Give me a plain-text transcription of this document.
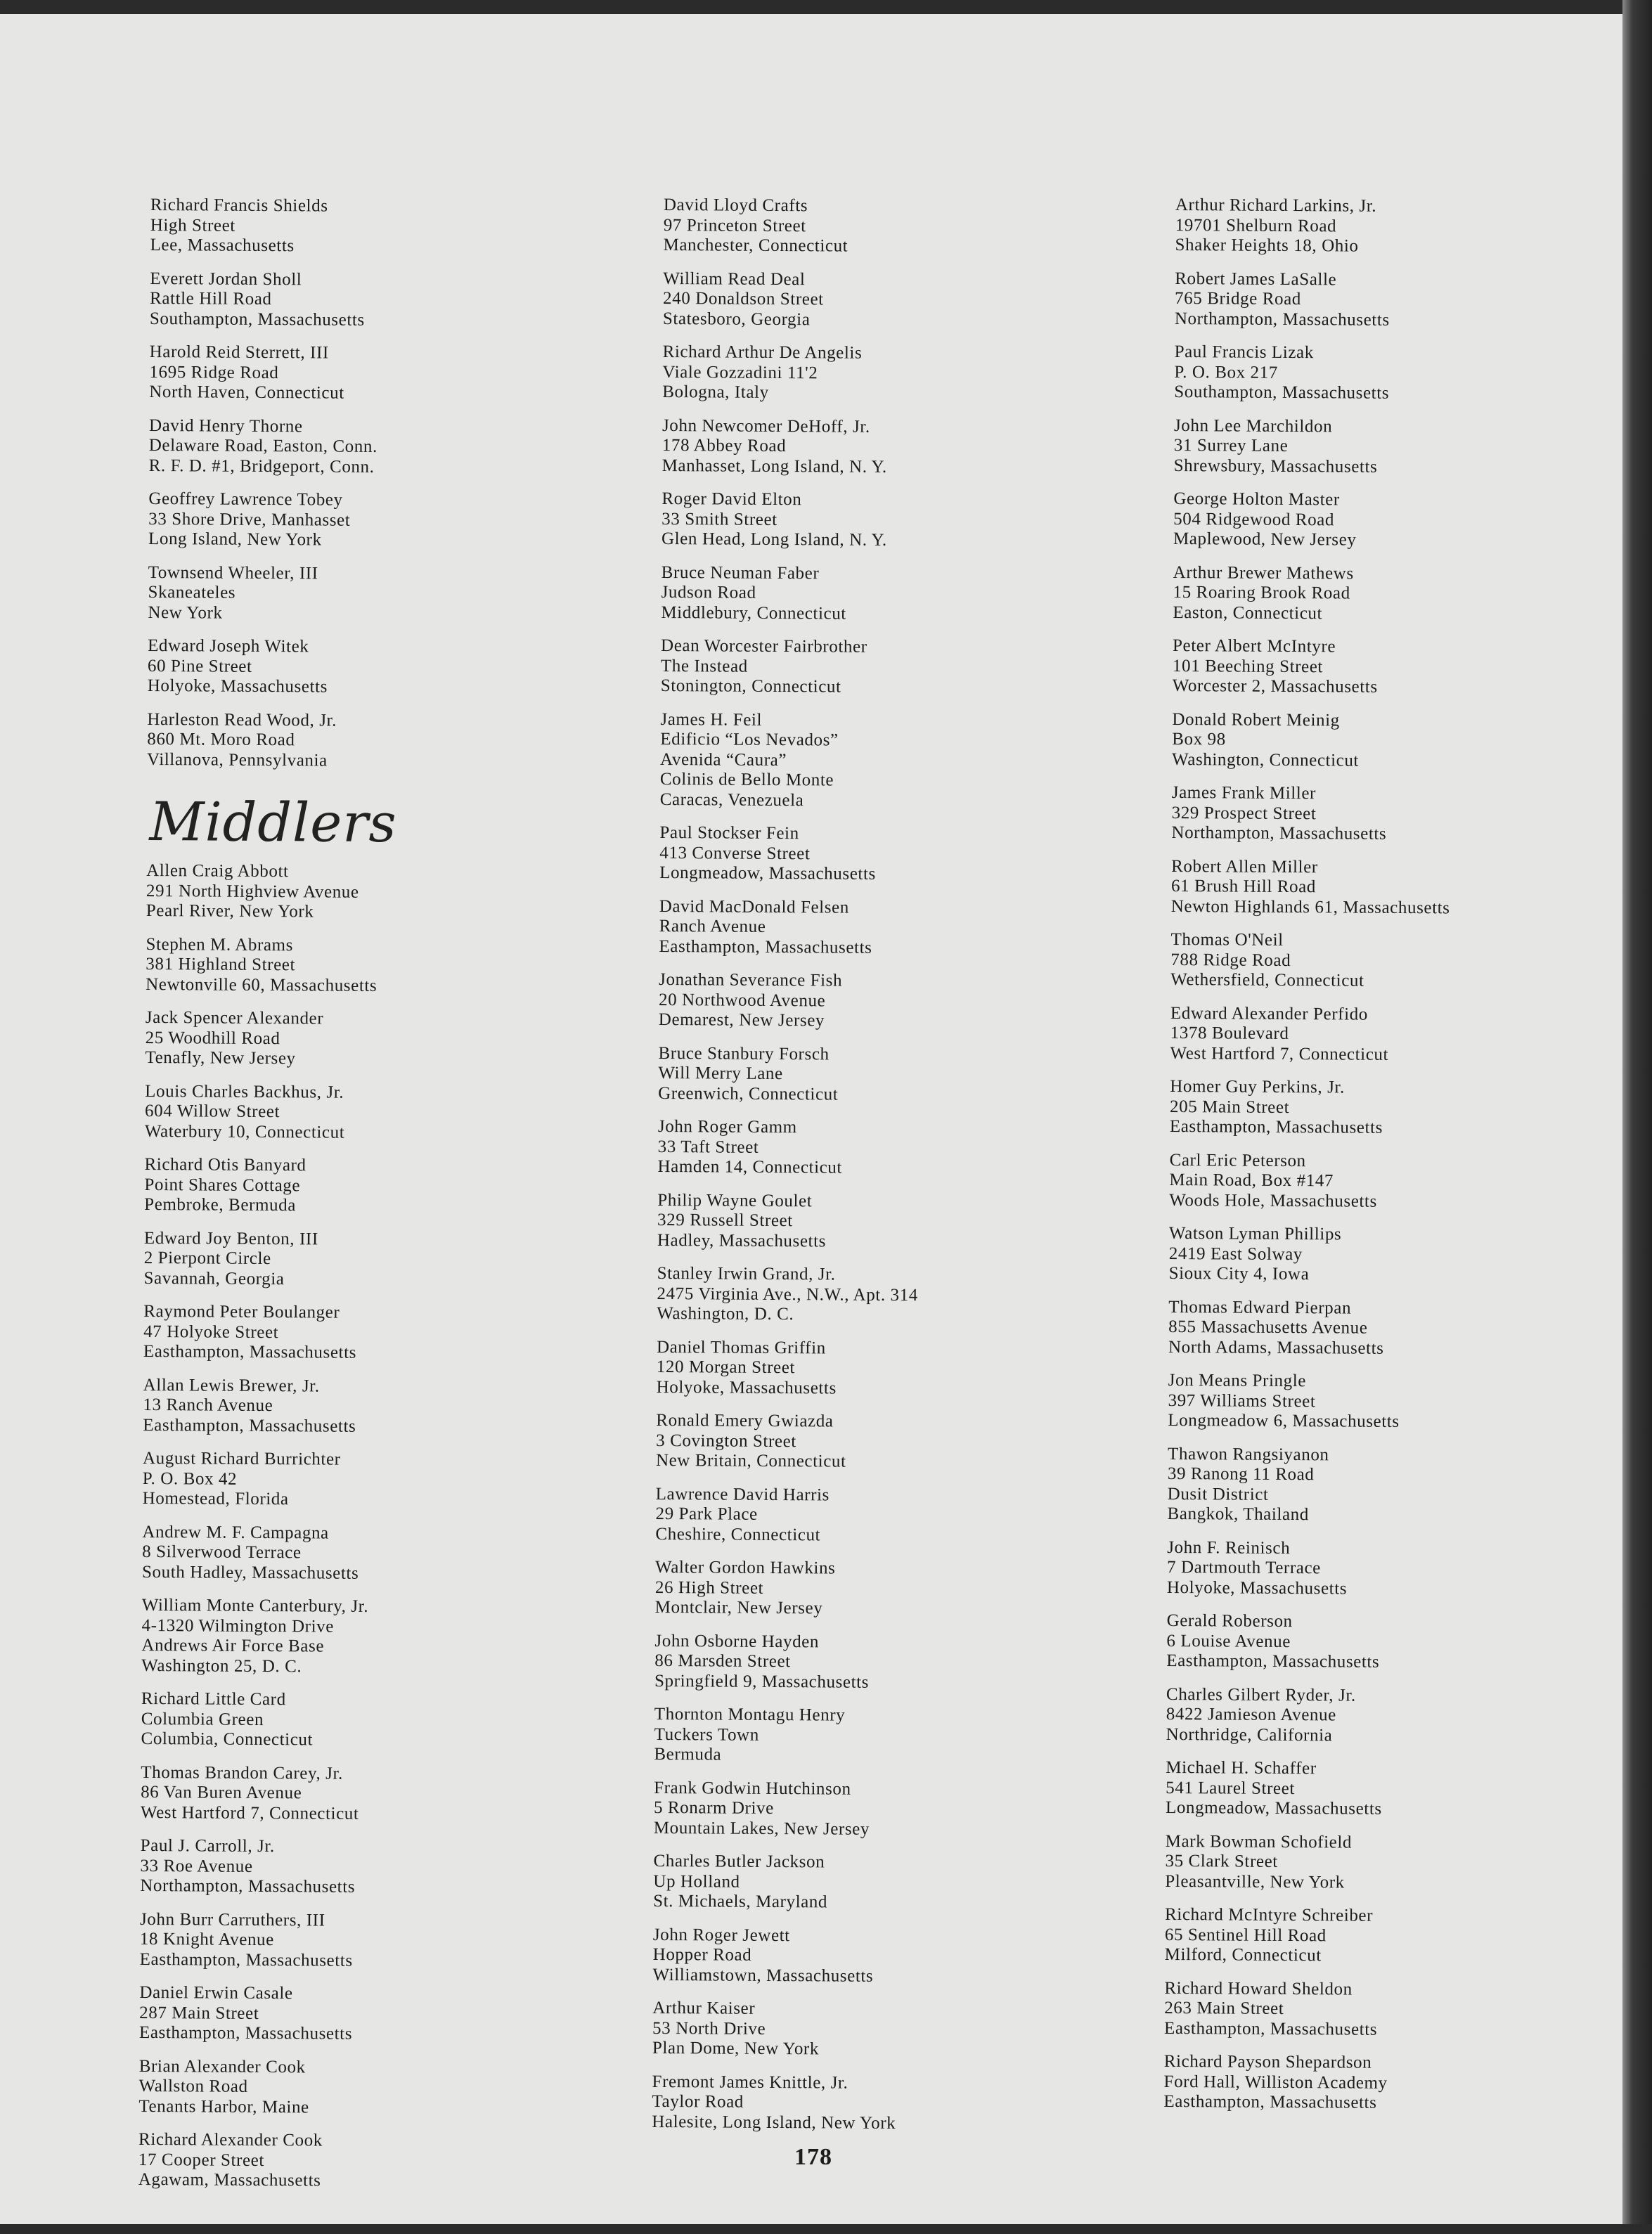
Richard Francis Shields
High Street
Lee, Massachusetts
Everett Jordan Sholl
Rattle Hill Road
Southampton, Massachusetts
Harold Reid Sterrett, III
1695 Ridge Road
North Haven, Connecticut
David Henry Thorne
Delaware Road, Easton, Conn.
R. F. D. #1, Bridgeport, Conn.
Geoffrey Lawrence Tobey
33 Shore Drive, Manhasset
Long Island, New York
Townsend Wheeler, III
Skaneateles
New York
Edward Joseph Witek
60 Pine Street
Holyoke, Massachusetts
Harleston Read Wood, Jr.
860 Mt. Moro Road
Villanova, Pennsylvania
Middlers
Allen Craig Abbott
291 North Highview Avenue
Pearl River, New York
Stephen M. Abrams
381 Highland Street
Newtonville 60, Massachusetts
Jack Spencer Alexander
25 Woodhill Road
Tenafly, New Jersey
Louis Charles Backhus, Jr.
604 Willow Street
Waterbury 10, Connecticut
Richard Otis Banyard
Point Shares Cottage
Pembroke, Bermuda
Edward Joy Benton, III
2 Pierpont Circle
Savannah, Georgia
Raymond Peter Boulanger
47 Holyoke Street
Easthampton, Massachusetts
Allan Lewis Brewer, Jr.
13 Ranch Avenue
Easthampton, Massachusetts
August Richard Burrichter
P. O. Box 42
Homestead, Florida
Andrew M. F. Campagna
8 Silverwood Terrace
South Hadley, Massachusetts
William Monte Canterbury, Jr.
4-1320 Wilmington Drive
Andrews Air Force Base
Washington 25, D. C.
Richard Little Card
Columbia Green
Columbia, Connecticut
Thomas Brandon Carey, Jr.
86 Van Buren Avenue
West Hartford 7, Connecticut
Paul J. Carroll, Jr.
33 Roe Avenue
Northampton, Massachusetts
John Burr Carruthers, III
18 Knight Avenue
Easthampton, Massachusetts
Daniel Erwin Casale
287 Main Street
Easthampton, Massachusetts
Brian Alexander Cook
Wallston Road
Tenants Harbor, Maine
Richard Alexander Cook
17 Cooper Street
Agawam, Massachusetts
David Lloyd Crafts
97 Princeton Street
Manchester, Connecticut
William Read Deal
240 Donaldson Street
Statesboro, Georgia
Richard Arthur De Angelis
Viale Gozzadini 11'2
Bologna, Italy
John Newcomer DeHoff, Jr.
178 Abbey Road
Manhasset, Long Island, N. Y.
Roger David Elton
33 Smith Street
Glen Head, Long Island, N. Y.
Bruce Neuman Faber
Judson Road
Middlebury, Connecticut
Dean Worcester Fairbrother
The Instead
Stonington, Connecticut
James H. Feil
Edificio “Los Nevados”
Avenida “Caura”
Colinis de Bello Monte
Caracas, Venezuela
Paul Stockser Fein
413 Converse Street
Longmeadow, Massachusetts
David MacDonald Felsen
Ranch Avenue
Easthampton, Massachusetts
Jonathan Severance Fish
20 Northwood Avenue
Demarest, New Jersey
Bruce Stanbury Forsch
Will Merry Lane
Greenwich, Connecticut
John Roger Gamm
33 Taft Street
Hamden 14, Connecticut
Philip Wayne Goulet
329 Russell Street
Hadley, Massachusetts
Stanley Irwin Grand, Jr.
2475 Virginia Ave., N.W., Apt. 314
Washington, D. C.
Daniel Thomas Griffin
120 Morgan Street
Holyoke, Massachusetts
Ronald Emery Gwiazda
3 Covington Street
New Britain, Connecticut
Lawrence David Harris
29 Park Place
Cheshire, Connecticut
Walter Gordon Hawkins
26 High Street
Montclair, New Jersey
John Osborne Hayden
86 Marsden Street
Springfield 9, Massachusetts
Thornton Montagu Henry
Tuckers Town
Bermuda
Frank Godwin Hutchinson
5 Ronarm Drive
Mountain Lakes, New Jersey
Charles Butler Jackson
Up Holland
St. Michaels, Maryland
John Roger Jewett
Hopper Road
Williamstown, Massachusetts
Arthur Kaiser
53 North Drive
Plan Dome, New York
Fremont James Knittle, Jr.
Taylor Road
Halesite, Long Island, New York
Arthur Richard Larkins, Jr.
19701 Shelburn Road
Shaker Heights 18, Ohio
Robert James LaSalle
765 Bridge Road
Northampton, Massachusetts
Paul Francis Lizak
P. O. Box 217
Southampton, Massachusetts
John Lee Marchildon
31 Surrey Lane
Shrewsbury, Massachusetts
George Holton Master
504 Ridgewood Road
Maplewood, New Jersey
Arthur Brewer Mathews
15 Roaring Brook Road
Easton, Connecticut
Peter Albert McIntyre
101 Beeching Street
Worcester 2, Massachusetts
Donald Robert Meinig
Box 98
Washington, Connecticut
James Frank Miller
329 Prospect Street
Northampton, Massachusetts
Robert Allen Miller
61 Brush Hill Road
Newton Highlands 61, Massachusetts
Thomas O'Neil
788 Ridge Road
Wethersfield, Connecticut
Edward Alexander Perfido
1378 Boulevard
West Hartford 7, Connecticut
Homer Guy Perkins, Jr.
205 Main Street
Easthampton, Massachusetts
Carl Eric Peterson
Main Road, Box #147
Woods Hole, Massachusetts
Watson Lyman Phillips
2419 East Solway
Sioux City 4, Iowa
Thomas Edward Pierpan
855 Massachusetts Avenue
North Adams, Massachusetts
Jon Means Pringle
397 Williams Street
Longmeadow 6, Massachusetts
Thawon Rangsiyanon
39 Ranong 11 Road
Dusit District
Bangkok, Thailand
John F. Reinisch
7 Dartmouth Terrace
Holyoke, Massachusetts
Gerald Roberson
6 Louise Avenue
Easthampton, Massachusetts
Charles Gilbert Ryder, Jr.
8422 Jamieson Avenue
Northridge, California
Michael H. Schaffer
541 Laurel Street
Longmeadow, Massachusetts
Mark Bowman Schofield
35 Clark Street
Pleasantville, New York
Richard McIntyre Schreiber
65 Sentinel Hill Road
Milford, Connecticut
Richard Howard Sheldon
263 Main Street
Easthampton, Massachusetts
Richard Payson Shepardson
Ford Hall, Williston Academy
Easthampton, Massachusetts
178
